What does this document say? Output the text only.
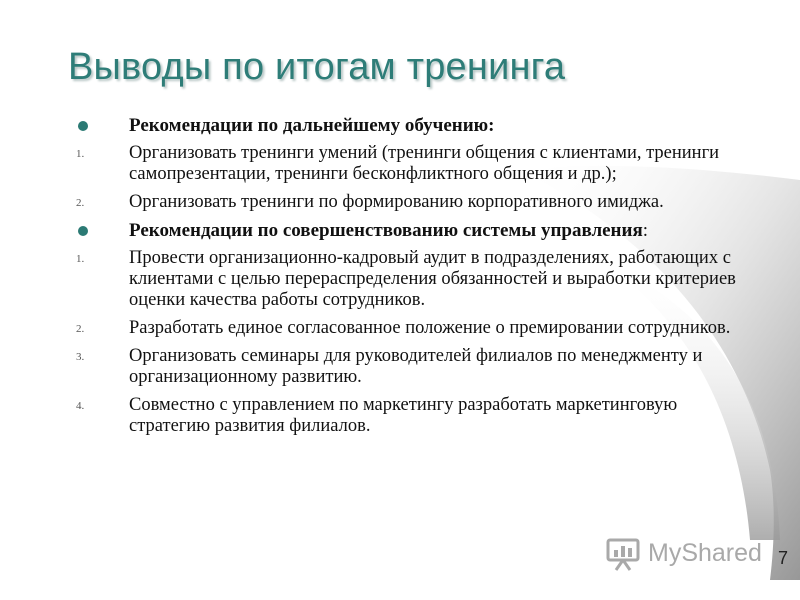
Выводы по итогам тренинга
Рекомендации по дальнейшему обучению:
1. Организовать тренинги умений (тренинги общения с клиентами, тренинги самопрезентации, тренинги бесконфликтного общения и др.);
2. Организовать тренинги по формированию корпоративного имиджа.
Рекомендации по совершенствованию системы управления:
1. Провести организационно-кадровый аудит в подразделениях, работающих с клиентами с целью перераспределения обязанностей и выработки критериев оценки качества работы сотрудников.
2. Разработать единое согласованное положение о премировании сотрудников.
3. Организовать семинары для руководителей филиалов по менеджменту и организационному развитию.
4. Совместно с управлением по маркетингу разработать маркетинговую стратегию развития филиалов.
MyShared 7
